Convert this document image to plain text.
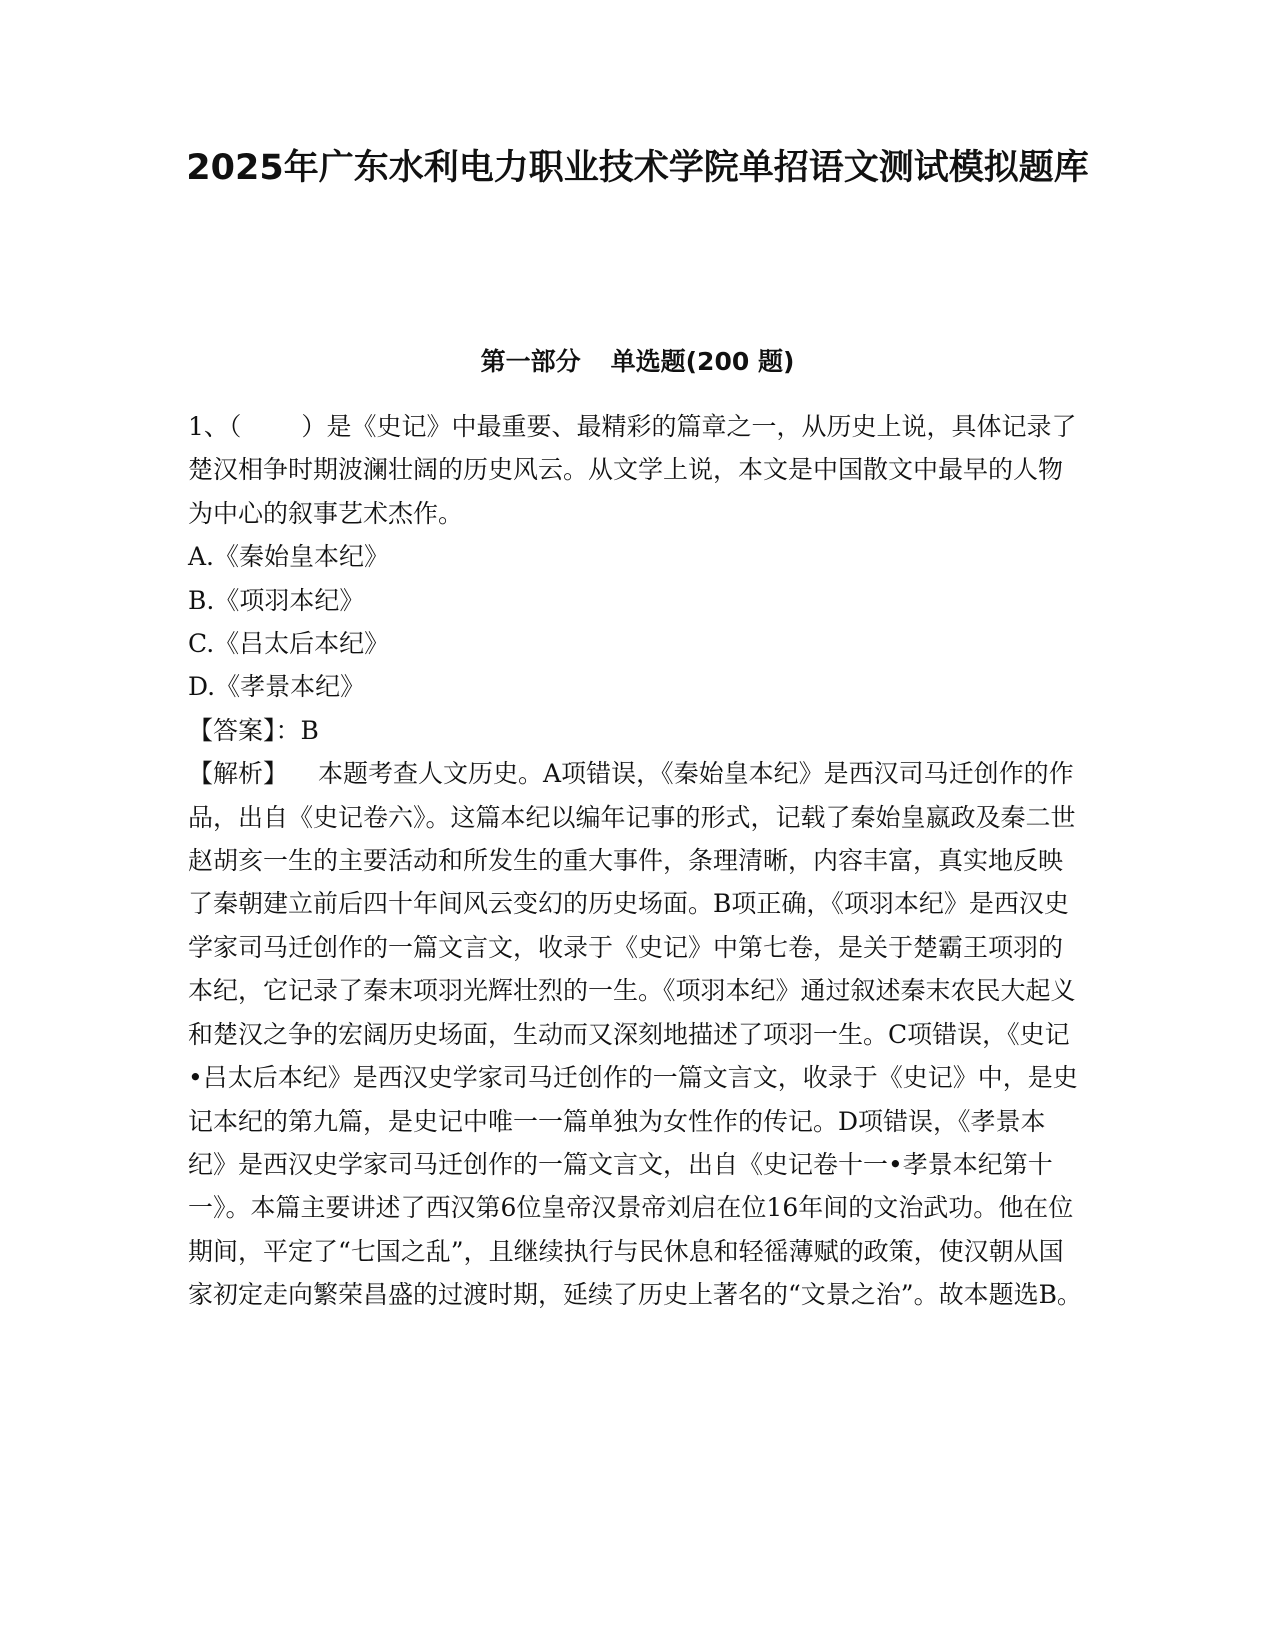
2025年广东水利电力职业技术学院单招语文测试模拟题库
第一部分 单选题(200 题)

1、（ ）是《史记》中最重要、最精彩的篇章之一，从历史上说，具体记录了楚汉相争时期波澜壮阔的历史风云。从文学上说，本文是中国散文中最早的人物为中心的叙事艺术杰作。

A.《秦始皇本纪》

B.《项羽本纪》

C.《吕太后本纪》

D.《孝景本纪》

【答案】：B

【解析】 本题考查人文历史。A项错误，《秦始皇本纪》是西汉司马迁创作的作品，出自《史记卷六》。这篇本纪以编年记事的形式，记载了秦始皇嬴政及秦二世赵胡亥一生的主要活动和所发生的重大事件，条理清晰，内容丰富，真实地反映了秦朝建立前后四十年间风云变幻的历史场面。B项正确，《项羽本纪》是西汉史学家司马迁创作的一篇文言文，收录于《史记》中第七卷，是关于楚霸王项羽的本纪，它记录了秦末项羽光辉壮烈的一生。《项羽本纪》通过叙述秦末农民大起义和楚汉之争的宏阔历史场面，生动而又深刻地描述了项羽一生。C项错误，《史记•吕太后本纪》是西汉史学家司马迁创作的一篇文言文，收录于《史记》中，是史记本纪的第九篇，是史记中唯一一篇单独为女性作的传记。D项错误，《孝景本纪》是西汉史学家司马迁创作的一篇文言文，出自《史记卷十一•孝景本纪第十一》。本篇主要讲述了西汉第6位皇帝汉景帝刘启在位16年间的文治武功。他在位期间，平定了“七国之乱”，且继续执行与民休息和轻徭薄赋的政策，使汉朝从国家初定走向繁荣昌盛的过渡时期，延续了历史上著名的“文景之治”。故本题选B。
